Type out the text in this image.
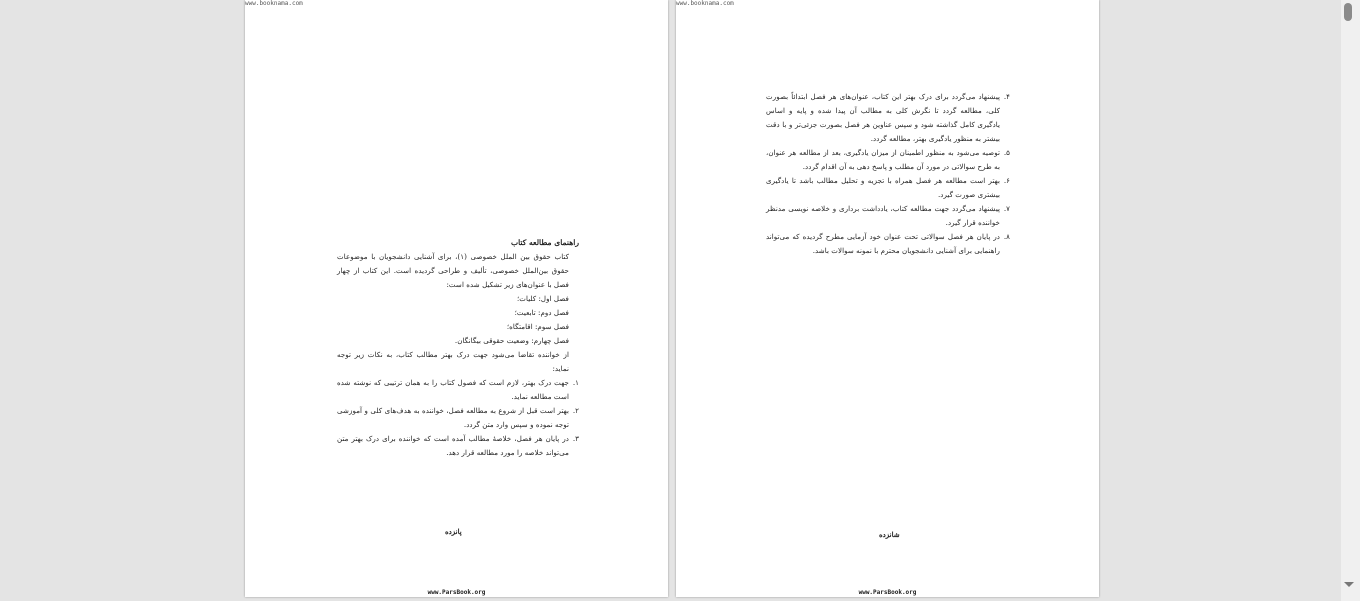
www.booknama.com
راهنمای مطالعه کتاب

کتاب حقوق بین الملل خصوصی (۱)، برای آشنایی دانشجویان با موضوعات حقوق بین‌الملل خصوصی، تألیف و طراحی گردیده است. این کتاب از چهار فصل با عنوان‌های زیر تشکیل شده است:

فصل اول: کلیات؛
فصل دوم: تابعیت؛
فصل سوم: اقامتگاه؛
فصل چهارم: وضعیت حقوقی بیگانگان.

از خواننده تقاضا می‌شود جهت درک بهتر مطالب کتاب، به نکات زیر توجه نماید:

۱.
جهت درک بهتر، لازم است که فصول کتاب را به همان ترتیبی که نوشته شده است مطالعه نماید.
۲.
بهتر است قبل از شروع به مطالعه فصل، خواننده به هدف‌های کلی و آموزشی توجه نموده و سپس وارد متن گردد.
۳.
در پایان هر فصل، خلاصهٔ مطالب آمده است که خواننده برای درک بهتر متن می‌تواند خلاصه را مورد مطالعه قرار دهد.
پانزده
www.ParsBook.org
www.booknama.com
۴.
پیشنهاد می‌گردد برای درک بهتر این کتاب، عنوان‌های هر فصل ابتدائاً بصورت کلی، مطالعه گردد تا نگرش کلی به مطالب آن پیدا شده و پایه و اساس یادگیری کامل گذاشته شود و سپس عناوین هر فصل بصورت جزئی‌تر و با دقت بیشتر به منظور یادگیری بهتر، مطالعه گردد.
۵.
توصیه می‌شود به منظور اطمینان از میزان یادگیری، بعد از مطالعه هر عنوان، به طرح سوالاتی در مورد آن مطلب و پاسخ دهی به آن اقدام گردد.
۶.
بهتر است مطالعه هر فصل همراه با تجزیه و تحلیل مطالب باشد تا یادگیری بیشتری صورت گیرد.
۷.
پیشنهاد می‌گردد جهت مطالعه کتاب، یادداشت برداری و خلاصه نویسی مدنظر خواننده قرار گیرد.
۸.
در پایان هر فصل سوالاتی تحت عنوان خود آزمایی مطرح گردیده که می‌تواند راهنمایی برای آشنایی دانشجویان محترم با نمونه سوالات باشد.
شانزده
www.ParsBook.org
